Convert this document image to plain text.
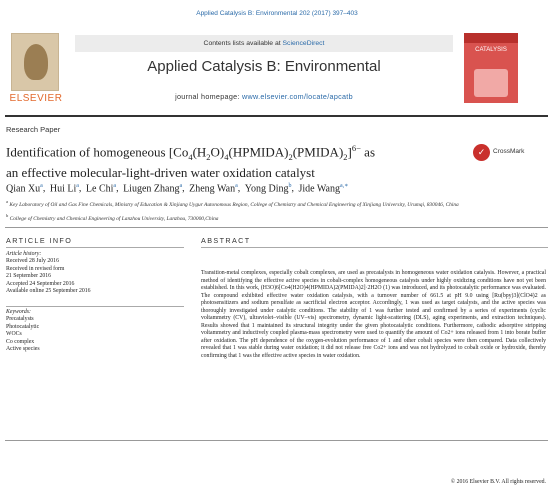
Applied Catalysis B: Environmental 202 (2017) 397–403
ELSEVIER
Contents lists available at ScienceDirect
Applied Catalysis B: Environmental
journal homepage: www.elsevier.com/locate/apcatb
CATALYSIS
Research Paper
Identification of homogeneous $[Co_4(H_2O)_4(HPMIDA)_2(PMIDA)_2]^{6-}$ as
an effective molecular-light-driven water oxidation catalyst
✓	CrossMark
Qian Xu$^a$, Hui Li$^a$, Le Chi$^a$, Liugen Zhang$^a$, Zheng Wan$^a$, Yong Ding$^b$, Jide Wang$^{a,∗}$
$^a$ Key Laboratory of Oil and Gas Fine Chemicals, Ministry of Education & Xinjiang Uygur Autonomous Region, College of Chemistry and Chemical Engineering of Xinjiang University, Urumqi, 830046, China
$^b$ College of Chemistry and Chemical Engineering of Lanzhou University, Lanzhou, 730000,China
ARTICLE INFO	ABSTRACT
Article history:
Received 28 July 2016
Received in revised form
21 September 2016
Accepted 24 September 2016
Available online 25 September 2016
Keywords:
Precatalysts
Photocatalytic
WOCs
Co complex
Active species
Transition-metal complexes, especially cobalt complexes, are used as precatalysts in homogeneous water oxidation catalysis. However, a practical method of identifying the effective active species in cobalt-complex homogeneous catalysts under highly oxidizing conditions have not yet been established. In this work, (H3O)6[Co4(H2O)4(HPMIDA)2(PMIDA)2]·2H2O (1) was introduced, and its photocatalytic performance was evaluated. The compound exhibited effective water oxidation catalysis, with a turnover number of 661.5 at pH 9.0 using [Ru(bpy)3](ClO4)2 as photosensitizers and sodium persulfate as sacrificial electron acceptor. Accordingly, 1 was used as target catalysts, and the active species was thoroughly investigated under catalytic conditions. The stability of 1 was further tested and confirmed by a series of experiments (cyclic voltammetry (CV), ultraviolet–visible (UV–vis) spectrometry, dynamic light-scattering (DLS), aging experiments, and extraction techniques). Results showed that 1 maintained its structural integrity under the given photocatalytic conditions. Furthermore, cathodic adsorptive stripping voltammetry and inductively coupled plasma-mass spectrometry were used to quantify the amount of Co2+ ions released from 1 into borate buffer after oxidation. The pH dependence of the oxygen-evolution performance of 1 and other cobalt species were then compared. Data collectively revealed that 1 was stable during water oxidation; it did not release free Co2+ ions and was not hydrolyzed to cobalt oxide or hydroxide, thereby confirming that 1 was the effective active species in water oxidation.
© 2016 Elsevier B.V. All rights reserved.
